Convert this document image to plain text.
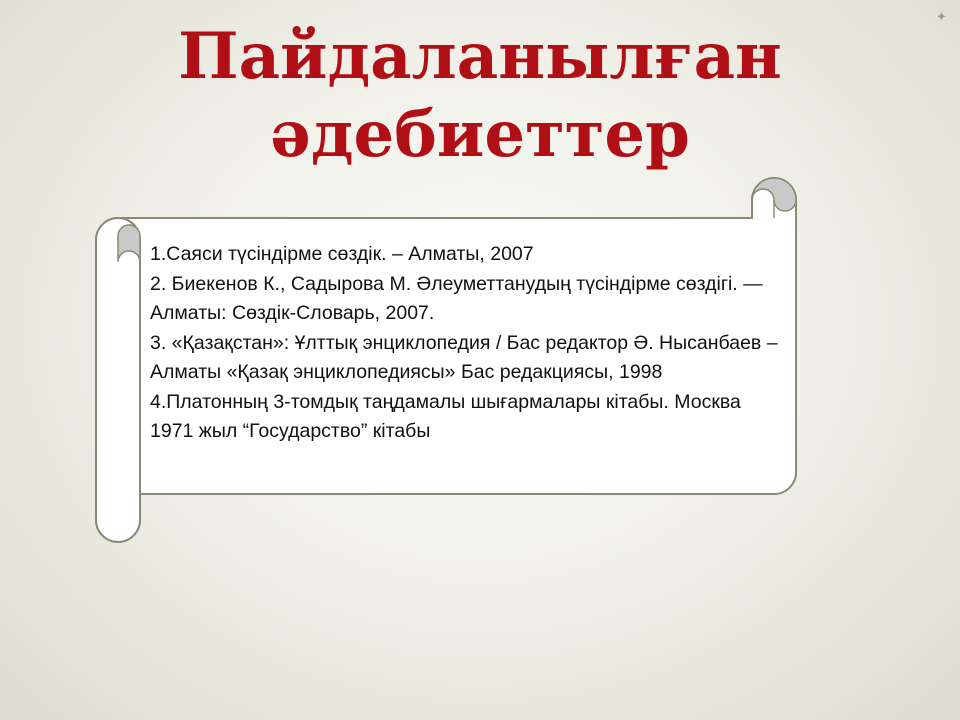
✦
Пайдаланылған
әдебиеттер
1.Саяси түсіндірме сөздік. – Алматы, 2007
2. Биекенов К., Садырова М. Әлеуметтанудың түсіндірме сөздігі. — Алматы: Сөздік-Словарь, 2007.
3. «Қазақстан»: Ұлттық энциклопедия / Бас редактор Ә. Нысанбаев – Алматы «Қазақ энциклопедиясы» Бас редакциясы, 1998
4.Платонның 3-томдық таңдамалы шығармалары кітабы. Москва 1971 жыл “Государство” кітабы
